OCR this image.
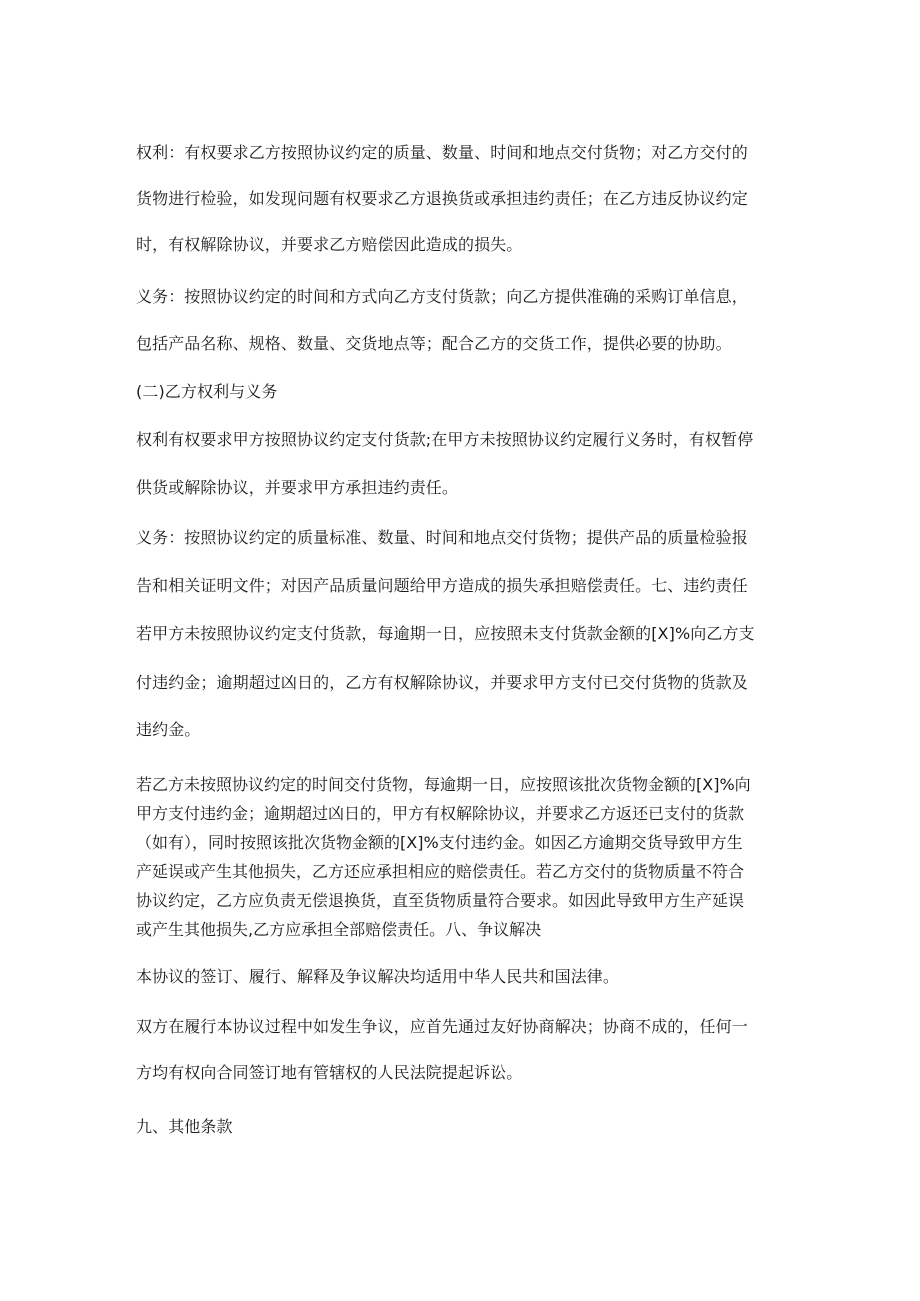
权利：有权要求乙方按照协议约定的质量、数量、时间和地点交付货物；对乙方交付的
货物进行检验，如发现问题有权要求乙方退换货或承担违约责任；在乙方违反协议约定
时，有权解除协议，并要求乙方赔偿因此造成的损失。
义务：按照协议约定的时间和方式向乙方支付货款；向乙方提供准确的采购订单信息，
包括产品名称、规格、数量、交货地点等；配合乙方的交货工作，提供必要的协助。
(二)乙方权利与义务
权利有权要求甲方按照协议约定支付货款;在甲方未按照协议约定履行义务时，有权暂停
供货或解除协议，并要求甲方承担违约责任。
义务：按照协议约定的质量标准、数量、时间和地点交付货物；提供产品的质量检验报
告和相关证明文件；对因产品质量问题给甲方造成的损失承担赔偿责任。七、违约责任
若甲方未按照协议约定支付货款，每逾期一日，应按照未支付货款金额的[X]%向乙方支
付违约金；逾期超过凶日的，乙方有权解除协议，并要求甲方支付已交付货物的货款及
违约金。
若乙方未按照协议约定的时间交付货物，每逾期一日，应按照该批次货物金额的[X]%向
甲方支付违约金；逾期超过凶日的，甲方有权解除协议，并要求乙方返还已支付的货款
（如有），同时按照该批次货物金额的[X]%支付违约金。如因乙方逾期交货导致甲方生
产延误或产生其他损失，乙方还应承担相应的赔偿责任。若乙方交付的货物质量不符合
协议约定，乙方应负责无偿退换货，直至货物质量符合要求。如因此导致甲方生产延误
或产生其他损失,乙方应承担全部赔偿责任。八、争议解决
本协议的签订、履行、解释及争议解决均适用中华人民共和国法律。
双方在履行本协议过程中如发生争议，应首先通过友好协商解决；协商不成的，任何一
方均有权向合同签订地有管辖权的人民法院提起诉讼。
九、其他条款
